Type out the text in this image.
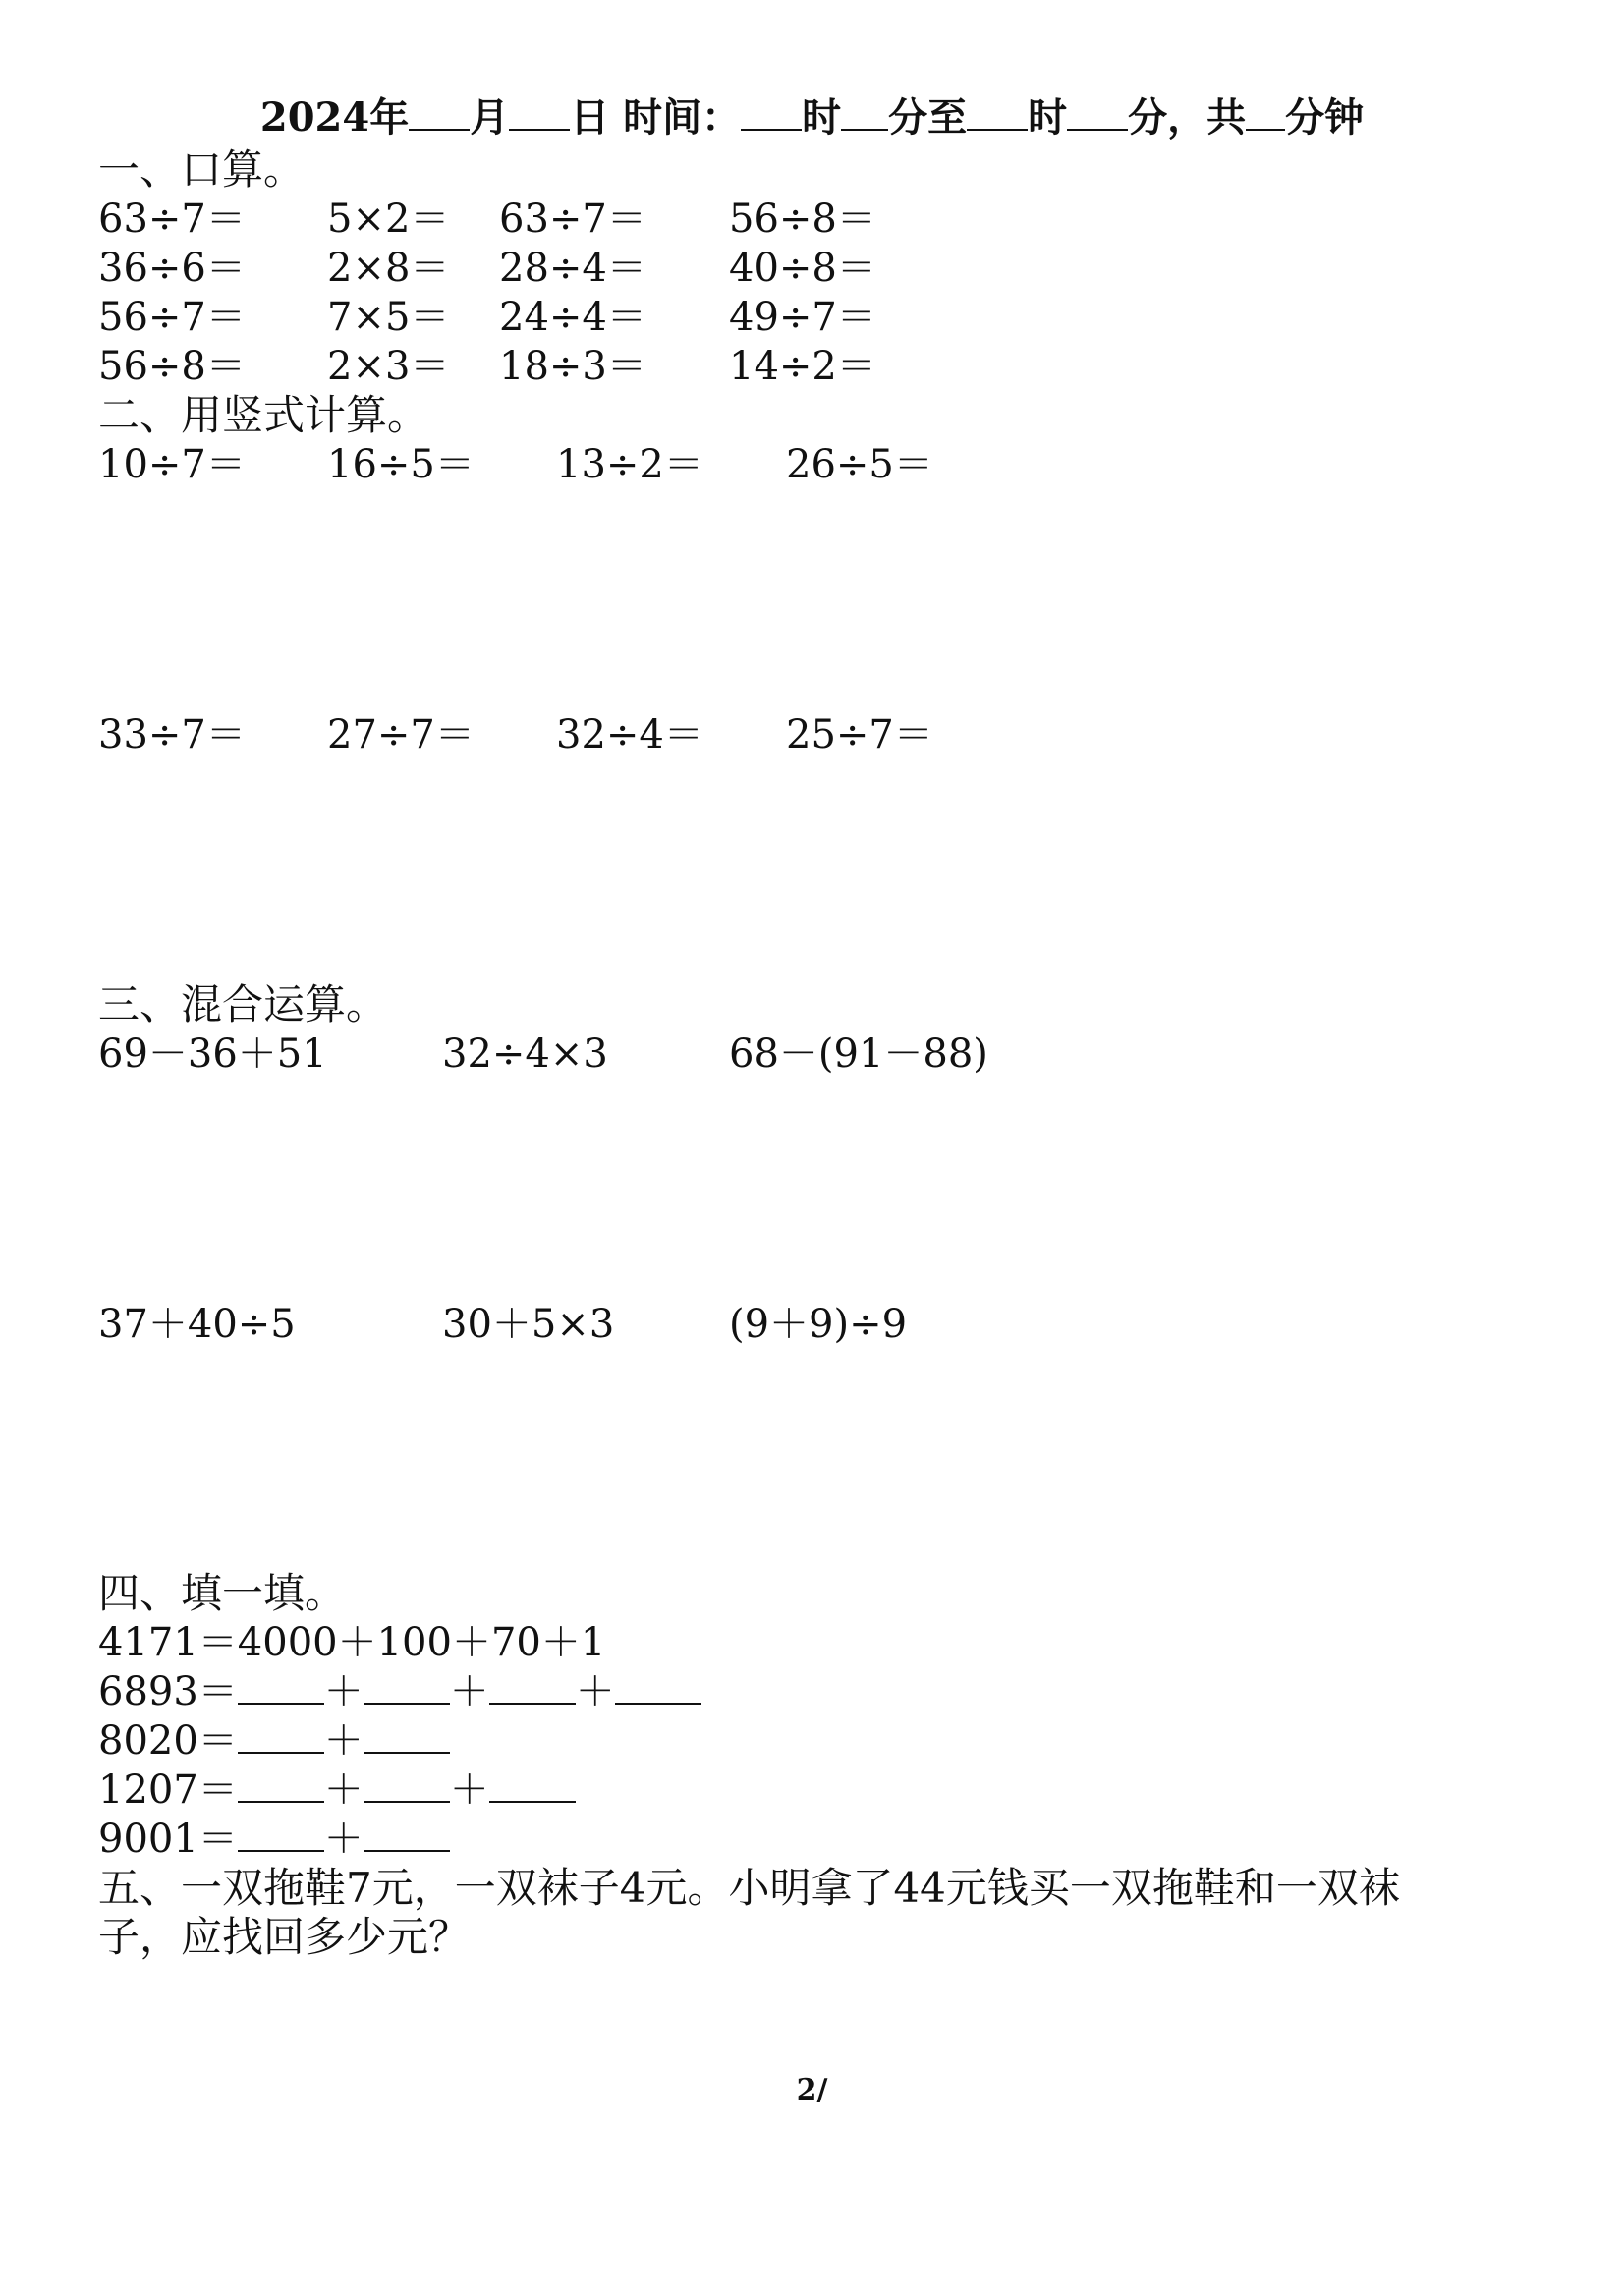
2024年 月 日 时间： 时 分至 时 分，共 分钟
一、口算。
63÷7＝ 5×2＝ 63÷7＝ 56÷8＝
36÷6＝ 2×8＝ 28÷4＝ 40÷8＝
56÷7＝ 7×5＝ 24÷4＝ 49÷7＝
56÷8＝ 2×3＝ 18÷3＝ 14÷2＝
二、用竖式计算。
10÷7＝ 16÷5＝ 13÷2＝ 26÷5＝
33÷7＝ 27÷7＝ 32÷4＝ 25÷7＝
三、混合运算。
69－36＋51	32÷4×3	68－(91－88)
37＋40÷5	30＋5×3	(9＋9)÷9
四、填一填。
4171＝4000＋100＋70＋1
6893＝ ＋ ＋ ＋
8020＝ ＋
1207＝ ＋ ＋
9001＝ ＋
五、一双拖鞋7元，一双袜子4元。小明拿了44元钱买一双拖鞋和一双袜
子，应找回多少元？
2/
